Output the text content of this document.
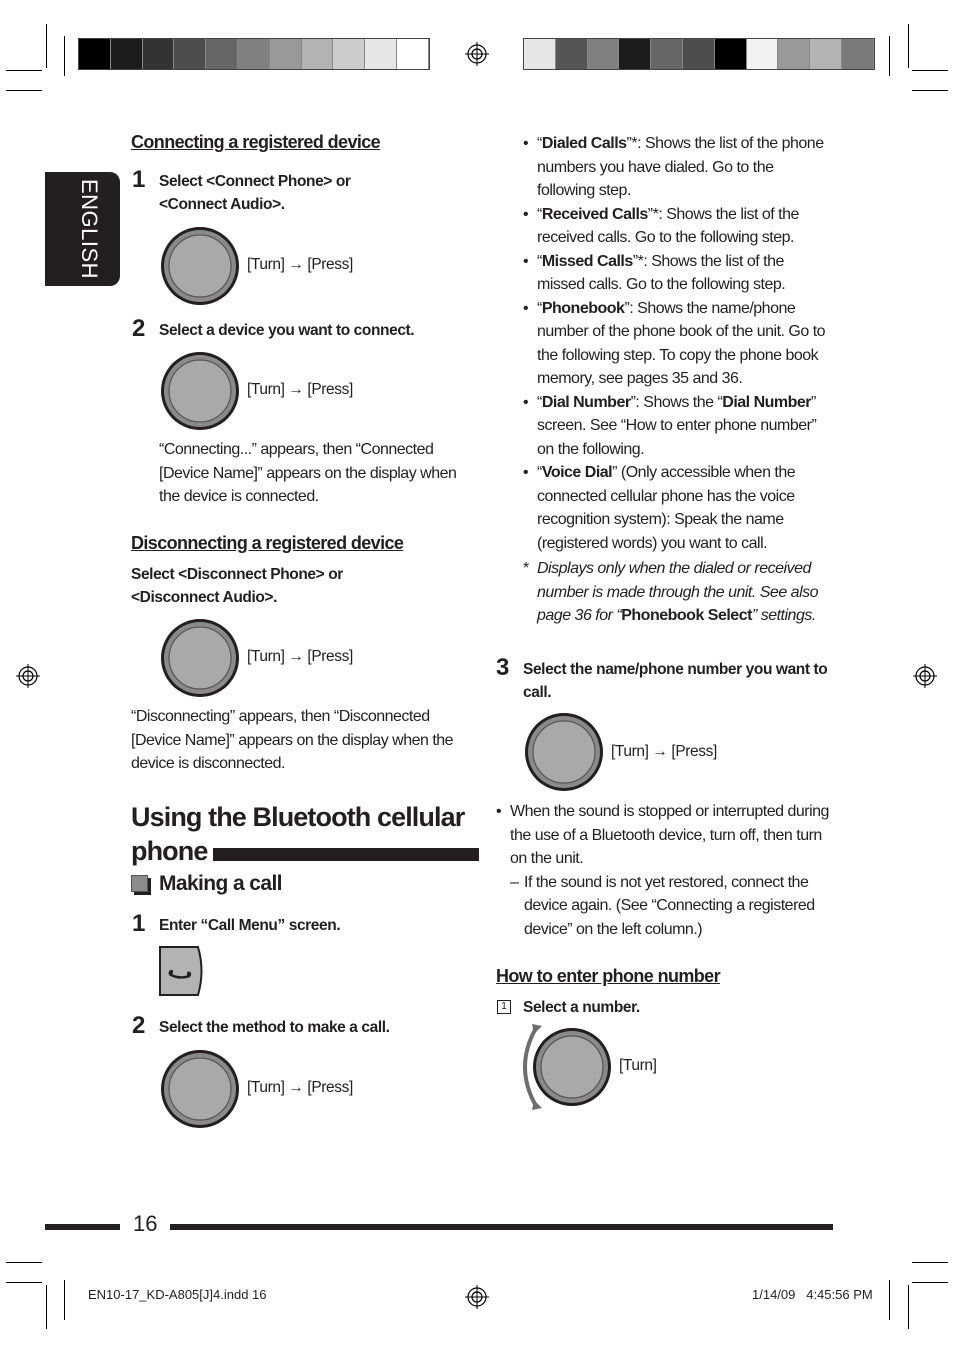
ENGLISH
Connecting a registered device
1 Select <Connect Phone> or <Connect Audio>.
[Turn] → [Press]
2 Select a device you want to connect.
[Turn] → [Press]
“Connecting...” appears, then “Connected [Device Name]” appears on the display when the device is connected.
Disconnecting a registered device
Select <Disconnect Phone> or <Disconnect Audio>.
[Turn] → [Press]
“Disconnecting” appears, then “Disconnected [Device Name]” appears on the display when the device is disconnected.
Using the Bluetooth cellular
phone
Making a call
1 Enter “Call Menu” screen.
2 Select the method to make a call.
[Turn] → [Press]
• “Dialed Calls”*: Shows the list of the phone numbers you have dialed. Go to the following step.
• “Received Calls”*: Shows the list of the received calls. Go to the following step.
• “Missed Calls”*: Shows the list of the missed calls. Go to the following step.
• “Phonebook”: Shows the name/phone number of the phone book of the unit. Go to the following step. To copy the phone book memory, see pages 35 and 36.
• “Dial Number”: Shows the “Dial Number” screen. See “How to enter phone number” on the following.
• “Voice Dial” (Only accessible when the connected cellular phone has the voice recognition system): Speak the name (registered words) you want to call.
* Displays only when the dialed or received number is made through the unit. See also page 36 for “Phonebook Select” settings.
3 Select the name/phone number you want to call.
[Turn] → [Press]
• When the sound is stopped or interrupted during the use of a Bluetooth device, turn off, then turn on the unit.
– If the sound is not yet restored, connect the device again. (See “Connecting a registered device” on the left column.)
How to enter phone number
1 Select a number.
[Turn]
16
EN10-17_KD-A805[J]4.indd 16	1/14/09   4:45:56 PM
